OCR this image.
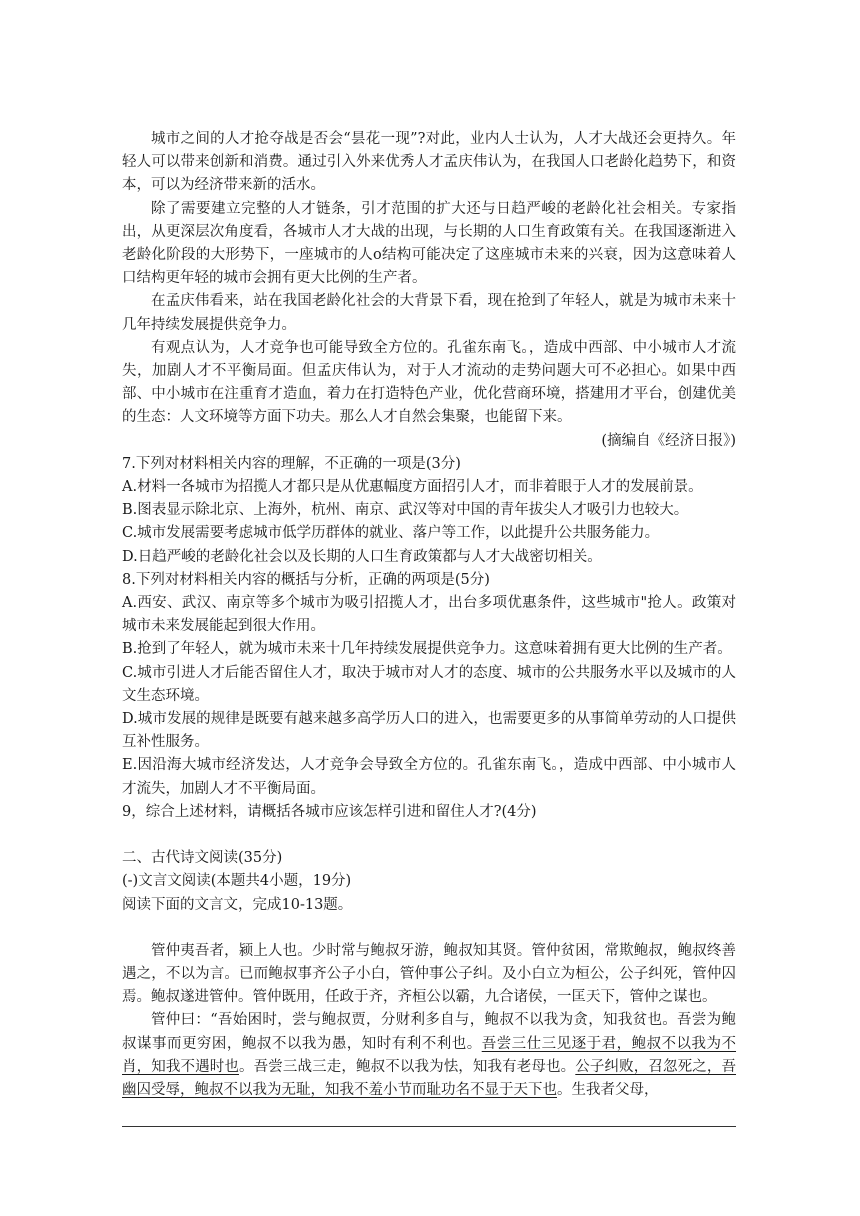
城市之间的人才抢夺战是否会“昙花一现”?对此，业内人士认为，人才大战还会更持久。年轻人可以带来创新和消费。通过引入外来优秀人才孟庆伟认为，在我国人口老龄化趋势下，和资本，可以为经济带来新的活水。

除了需要建立完整的人才链条，引才范围的扩大还与日趋严峻的老龄化社会相关。专家指出，从更深层次角度看，各城市人才大战的出现，与长期的人口生育政策有关。在我国逐渐进入老龄化阶段的大形势下，一座城市的人ο结构可能决定了这座城市未来的兴衰，因为这意味着人口结构更年轻的城市会拥有更大比例的生产者。

在孟庆伟看来，站在我国老龄化社会的大背景下看，现在抢到了年轻人，就是为城市未来十几年持续发展提供竞争力。

有观点认为，人才竞争也可能导致全方位的。孔雀东南飞。，造成中西部、中小城市人才流失，加剧人才不平衡局面。但孟庆伟认为，对于人才流动的走势问题大可不必担心。如果中西部、中小城市在注重育才造血，着力在打造特色产业，优化营商环境，搭建用才平台，创建优美的生态：人文环境等方面下功夫。那么人才自然会集聚，也能留下来。

(摘编自《经济日报》)

7.下列对材料相关内容的理解，不正确的一项是(3分)

A.材料一各城市为招揽人才都只是从优惠幅度方面招引人才，而非着眼于人才的发展前景。

B.图表显示除北京、上海外，杭州、南京、武汉等对中国的青年拔尖人才吸引力也较大。

C.城市发展需要考虑城市低学历群体的就业、落户等工作，以此提升公共服务能力。

D.日趋严峻的老龄化社会以及长期的人口生育政策都与人才大战密切相关。

8.下列对材料相关内容的概括与分析，正确的两项是(5分)

A.西安、武汉、南京等多个城市为吸引招揽人才，出台多项优惠条件，这些城市"抢人。政策对城市未来发展能起到很大作用。

B.抢到了年轻人，就为城市未来十几年持续发展提供竞争力。这意味着拥有更大比例的生产者。

C.城市引进人才后能否留住人才，取决于城市对人才的态度、城市的公共服务水平以及城市的人文生态环境。

D.城市发展的规律是既要有越来越多高学历人口的进入，也需要更多的从事简单劳动的人口提供互补性服务。

E.因沿海大城市经济发达，人才竞争会导致全方位的。孔雀东南飞。，造成中西部、中小城市人才流失，加剧人才不平衡局面。

9，综合上述材料，请概括各城市应该怎样引进和留住人才?(4分)

二、古代诗文阅读(35分)

(-)文言文阅读(本题共4小题，19分)

阅读下面的文言文，完成10-13题。

管仲夷吾者，颍上人也。少时常与鲍叔牙游，鲍叔知其贤。管仲贫困，常欺鲍叔，鲍叔终善遇之，不以为言。已而鲍叔事齐公子小白，管仲事公子纠。及小白立为桓公，公子纠死，管仲囚焉。鲍叔遂进管仲。管仲既用，任政于齐，齐桓公以霸，九合诸侯，一匡天下，管仲之谋也。

管仲曰：“吾始困时，尝与鲍叔贾，分财利多自与，鲍叔不以我为贪，知我贫也。吾尝为鲍叔谋事而更穷困，鲍叔不以我为愚，知时有利不利也。吾尝三仕三见逐于君，鲍叔不以我为不肖，知我不遇时也。吾尝三战三走，鲍叔不以我为怯，知我有老母也。公子纠败，召忽死之，吾幽囚受辱，鲍叔不以我为无耻，知我不羞小节而耻功名不显于天下也。生我者父母，
